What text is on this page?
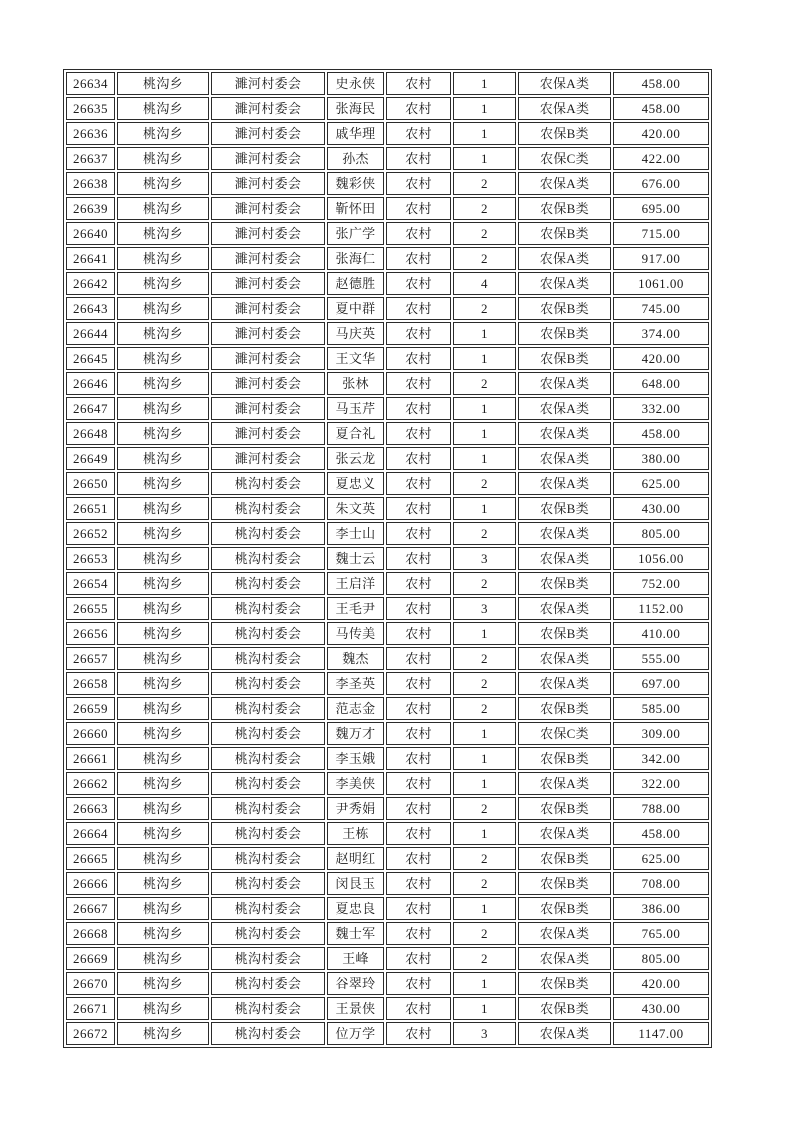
26634	桃沟乡	濉河村委会	史永侠	农村	1	农保A类	458.00
26635	桃沟乡	濉河村委会	张海民	农村	1	农保A类	458.00
26636	桃沟乡	濉河村委会	戚华理	农村	1	农保B类	420.00
26637	桃沟乡	濉河村委会	孙杰	农村	1	农保C类	422.00
26638	桃沟乡	濉河村委会	魏彩侠	农村	2	农保A类	676.00
26639	桃沟乡	濉河村委会	靳怀田	农村	2	农保B类	695.00
26640	桃沟乡	濉河村委会	张广学	农村	2	农保B类	715.00
26641	桃沟乡	濉河村委会	张海仁	农村	2	农保A类	917.00
26642	桃沟乡	濉河村委会	赵德胜	农村	4	农保A类	1061.00
26643	桃沟乡	濉河村委会	夏中群	农村	2	农保B类	745.00
26644	桃沟乡	濉河村委会	马庆英	农村	1	农保B类	374.00
26645	桃沟乡	濉河村委会	王文华	农村	1	农保B类	420.00
26646	桃沟乡	濉河村委会	张林	农村	2	农保A类	648.00
26647	桃沟乡	濉河村委会	马玉芹	农村	1	农保A类	332.00
26648	桃沟乡	濉河村委会	夏合礼	农村	1	农保A类	458.00
26649	桃沟乡	濉河村委会	张云龙	农村	1	农保A类	380.00
26650	桃沟乡	桃沟村委会	夏忠义	农村	2	农保A类	625.00
26651	桃沟乡	桃沟村委会	朱文英	农村	1	农保B类	430.00
26652	桃沟乡	桃沟村委会	李士山	农村	2	农保A类	805.00
26653	桃沟乡	桃沟村委会	魏士云	农村	3	农保A类	1056.00
26654	桃沟乡	桃沟村委会	王启洋	农村	2	农保B类	752.00
26655	桃沟乡	桃沟村委会	王毛尹	农村	3	农保A类	1152.00
26656	桃沟乡	桃沟村委会	马传美	农村	1	农保B类	410.00
26657	桃沟乡	桃沟村委会	魏杰	农村	2	农保A类	555.00
26658	桃沟乡	桃沟村委会	李圣英	农村	2	农保A类	697.00
26659	桃沟乡	桃沟村委会	范志金	农村	2	农保B类	585.00
26660	桃沟乡	桃沟村委会	魏万才	农村	1	农保C类	309.00
26661	桃沟乡	桃沟村委会	李玉娥	农村	1	农保B类	342.00
26662	桃沟乡	桃沟村委会	李美侠	农村	1	农保A类	322.00
26663	桃沟乡	桃沟村委会	尹秀娟	农村	2	农保B类	788.00
26664	桃沟乡	桃沟村委会	王栋	农村	1	农保A类	458.00
26665	桃沟乡	桃沟村委会	赵明红	农村	2	农保B类	625.00
26666	桃沟乡	桃沟村委会	闵艮玉	农村	2	农保B类	708.00
26667	桃沟乡	桃沟村委会	夏忠良	农村	1	农保B类	386.00
26668	桃沟乡	桃沟村委会	魏士军	农村	2	农保A类	765.00
26669	桃沟乡	桃沟村委会	王峰	农村	2	农保A类	805.00
26670	桃沟乡	桃沟村委会	谷翠玲	农村	1	农保B类	420.00
26671	桃沟乡	桃沟村委会	王景侠	农村	1	农保B类	430.00
26672	桃沟乡	桃沟村委会	位万学	农村	3	农保A类	1147.00
